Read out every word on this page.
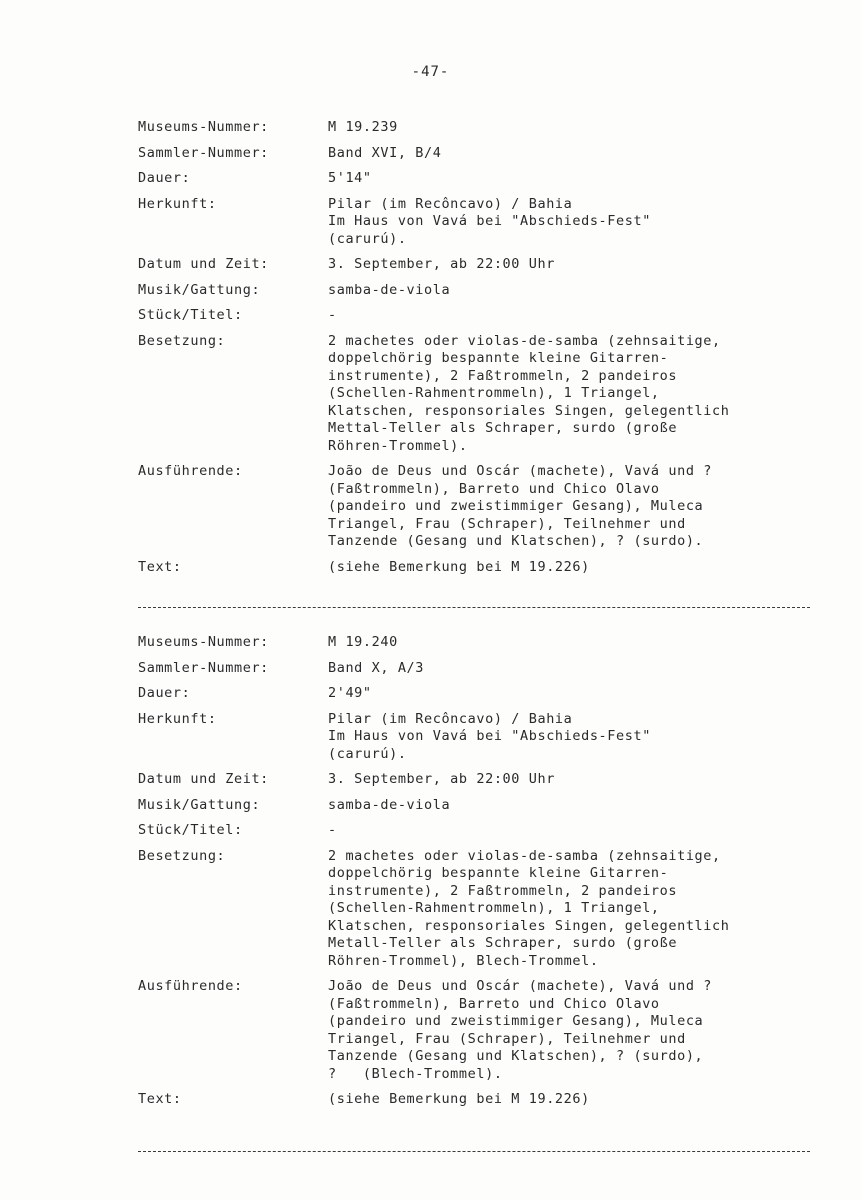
-47-
Museums-Nummer:	M 19.239
Sammler-Nummer:	Band XVI, B/4
Dauer:	5'14"
Herkunft:	Pilar (im Recôncavo) / Bahia
Im Haus von Vavá bei "Abschieds-Fest"
(carurú).
Datum und Zeit:	3. September, ab 22:00 Uhr
Musik/Gattung:	samba-de-viola
Stück/Titel:	-
Besetzung:	2 machetes oder violas-de-samba (zehnsaitige,
doppelchörig bespannte kleine Gitarren-
instrumente), 2 Faßtrommeln, 2 pandeiros
(Schellen-Rahmentrommeln), 1 Triangel,
Klatschen, responsoriales Singen, gelegentlich
Mettal-Teller als Schraper, surdo (große
Röhren-Trommel).
Ausführende:	João de Deus und Oscár (machete), Vavá und ?
(Faßtrommeln), Barreto und Chico Olavo
(pandeiro und zweistimmiger Gesang), Muleca
Triangel, Frau (Schraper), Teilnehmer und
Tanzende (Gesang und Klatschen), ? (surdo).
Text:	(siehe Bemerkung bei M 19.226)
Museums-Nummer:	M 19.240
Sammler-Nummer:	Band X, A/3
Dauer:	2'49"
Herkunft:	Pilar (im Recôncavo) / Bahia
Im Haus von Vavá bei "Abschieds-Fest"
(carurú).
Datum und Zeit:	3. September, ab 22:00 Uhr
Musik/Gattung:	samba-de-viola
Stück/Titel:	-
Besetzung:	2 machetes oder violas-de-samba (zehnsaitige,
doppelchörig bespannte kleine Gitarren-
instrumente), 2 Faßtrommeln, 2 pandeiros
(Schellen-Rahmentrommeln), 1 Triangel,
Klatschen, responsoriales Singen, gelegentlich
Metall-Teller als Schraper, surdo (große
Röhren-Trommel), Blech-Trommel.
Ausführende:	João de Deus und Oscár (machete), Vavá und ?
(Faßtrommeln), Barreto und Chico Olavo
(pandeiro und zweistimmiger Gesang), Muleca
Triangel, Frau (Schraper), Teilnehmer und
Tanzende (Gesang und Klatschen), ? (surdo),
?   (Blech-Trommel).
Text:	(siehe Bemerkung bei M 19.226)
